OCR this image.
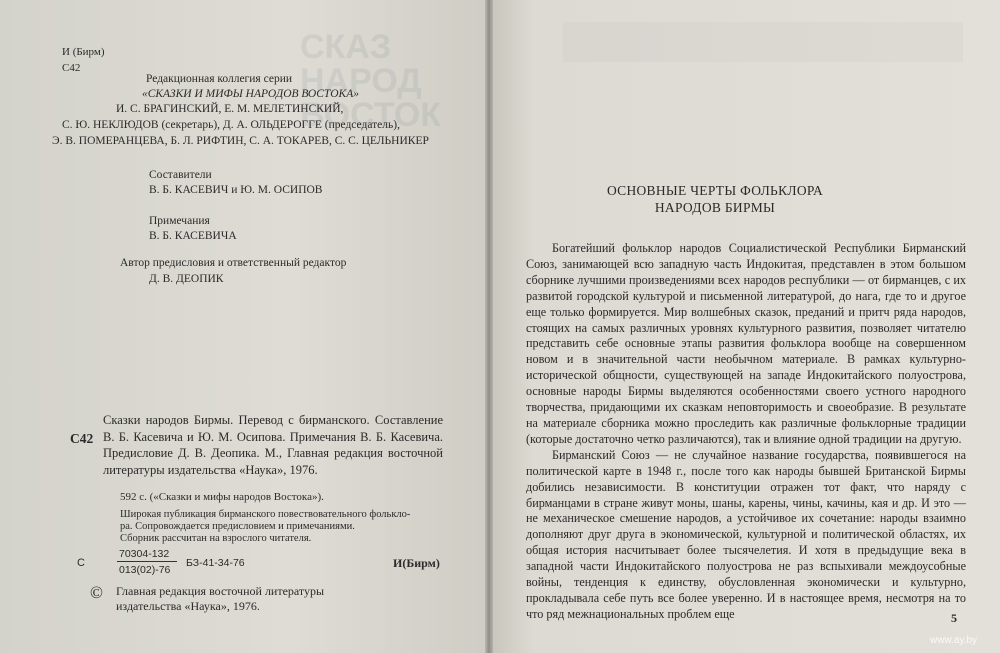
СКАЗ
НАРОД
ВОСТОК
И (Бирм)
С42
Редакционная коллегия серии
«СКАЗКИ И МИФЫ НАРОДОВ ВОСТОКА»
И. С. БРАГИНСКИЙ, Е. М. МЕЛЕТИНСКИЙ,
С. Ю. НЕКЛЮДОВ (секретарь), Д. А. ОЛЬДЕРОГГЕ (председатель),
Э. В. ПОМЕРАНЦЕВА, Б. Л. РИФТИН, С. А. ТОКАРЕВ, С. С. ЦЕЛЬНИКЕР
Составители
В. Б. КАСЕВИЧ и Ю. М. ОСИПОВ
Примечания
В. Б. КАСЕВИЧА
Автор предисловия и ответственный редактор
Д. В. ДЕОПИК
С42
Сказки народов Бирмы. Перевод с бирманского. Составление В. Б. Касевича и Ю. М. Осипова. Примечания В. Б. Касевича. Предисловие Д. В. Деопика. М., Главная редакция восточной литературы издательства «Наука», 1976.
592 с. («Сказки и мифы народов Востока»).
Широкая публикация бирманского повествовательного фолькло-
ра. Сопровождается предисловием и примечаниями.
Сборник рассчитан на взрослого читателя.
С
70304-132
013(02)-76
БЗ-41-34-76	И(Бирм)
© Главная редакция восточной литературы
издательства «Наука», 1976.
ОСНОВНЫЕ ЧЕРТЫ ФОЛЬКЛОРА
НАРОДОВ БИРМЫ

Богатейший фольклор народов Социалистической Республики Бирманский Союз, занимающей всю западную часть Индокитая, представлен в этом большом сборнике лучшими произведениями всех народов республики — от бирманцев, с их развитой городской культурой и письменной литературой, до нага, где то и другое еще только формируется. Мир волшебных сказок, преданий и притч ряда народов, стоящих на самых различных уровнях культурного развития, позволяет читателю представить себе основные этапы развития фольклора вообще на совершенном новом и в значительной части необычном материале. В рамках культурно-исторической общности, существующей на западе Индокитайского полуострова, основные народы Бирмы выделяются особенностями своего устного народного творчества, придающими их сказкам неповторимость и своеобразие. В результате на материале сборника можно проследить как различные фольклорные традиции (которые достаточно четко различаются), так и влияние одной традиции на другую.

Бирманский Союз — не случайное название государства, появившегося на политической карте в 1948 г., после того как народы бывшей Британской Бирмы добились независимости. В конституции отражен тот факт, что наряду с бирманцами в стране живут моны, шаны, карены, чины, качины, кая и др. И это — не механическое смешение народов, а устойчивое их сочетание: народы взаимно дополняют друг друга в экономической, культурной и политической областях, их общая история насчитывает более тысячелетия. И хотя в предыдущие века в западной части Индокитайского полуострова не раз вспыхивали междоусобные войны, тенденция к единству, обусловленная экономически и культурно, прокладывала себе путь все более уверенно. И в настоящее время, несмотря на то что ряд межнациональных проблем еще	5
www.ay.by
